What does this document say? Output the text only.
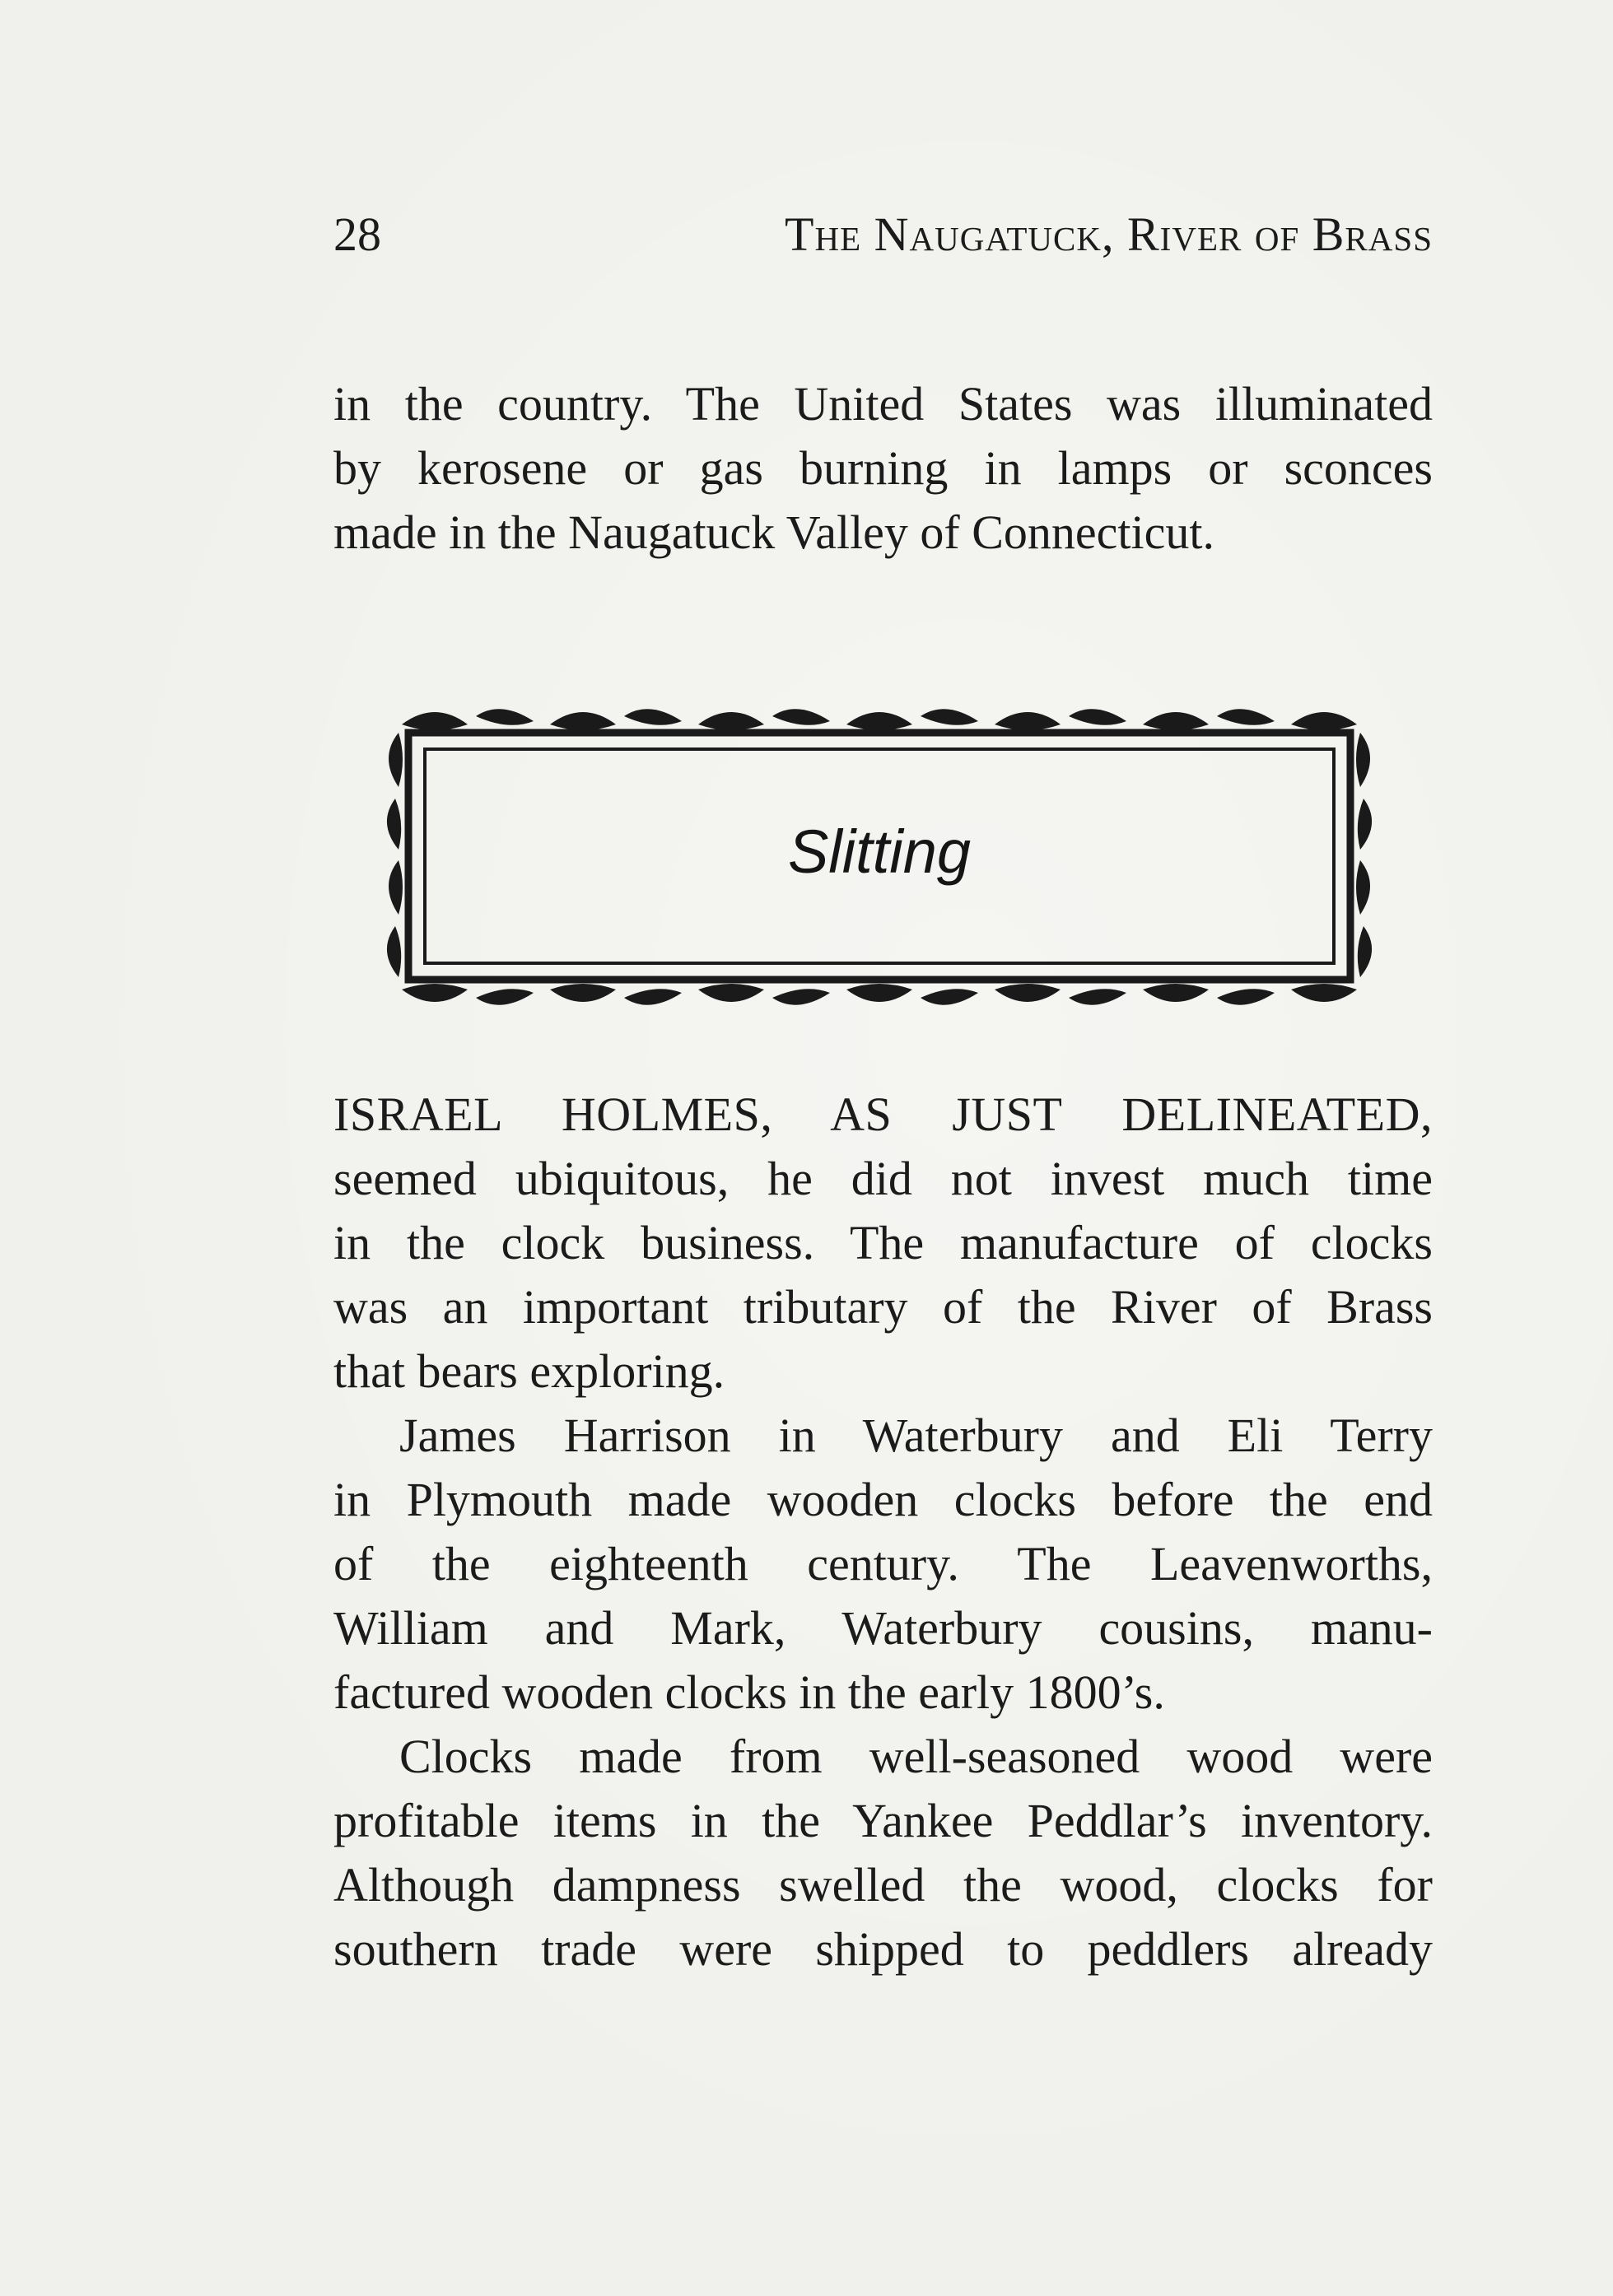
28	The Naugatuck, River of Brass

in the country. The United States was illuminated
by kerosene or gas burning in lamps or sconces
made in the Naugatuck Valley of Connecticut.

Slitting

ISRAEL HOLMES, AS JUST DELINEATED,
seemed ubiquitous, he did not invest much time
in the clock business. The manufacture of clocks
was an important tributary of the River of Brass
that bears exploring.

James Harrison in Waterbury and Eli Terry
in Plymouth made wooden clocks before the end
of the eighteenth century. The Leavenworths,
William and Mark, Waterbury cousins, manu-
factured wooden clocks in the early 1800’s.

Clocks made from well-seasoned wood were
profitable items in the Yankee Peddlar’s inventory.
Although dampness swelled the wood, clocks for
southern trade were shipped to peddlers already
